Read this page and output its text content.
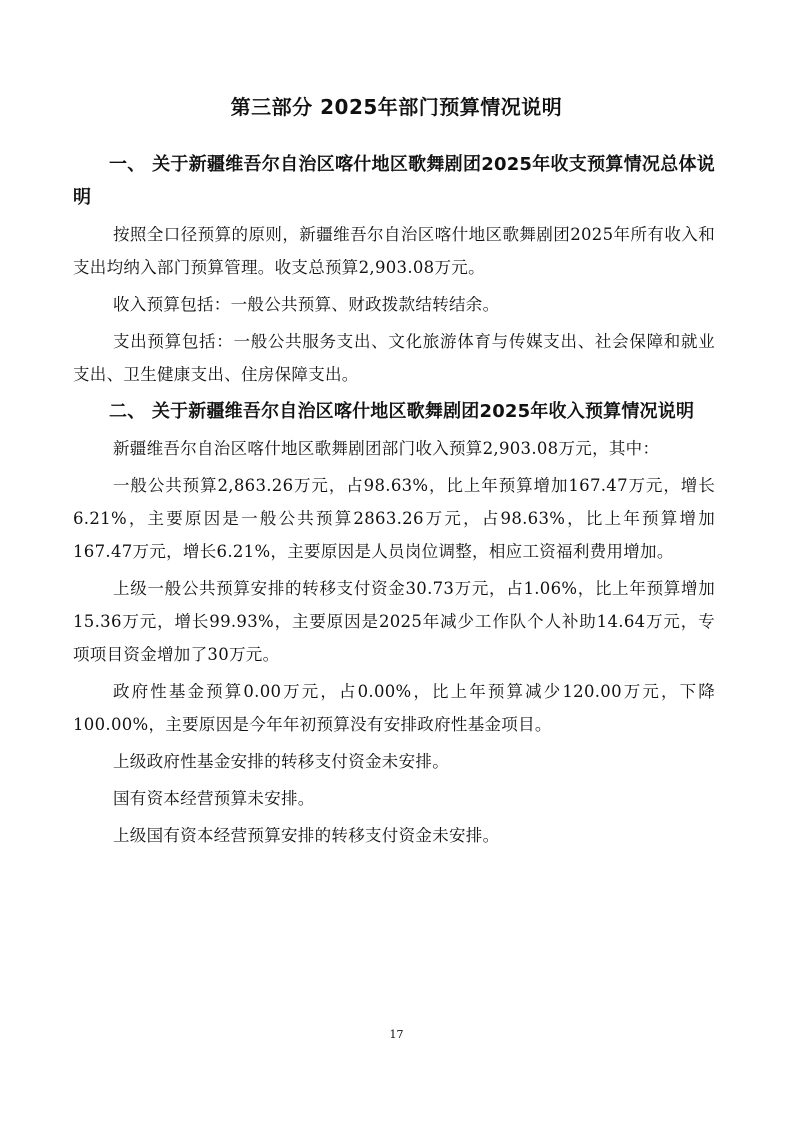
第三部分 2025年部门预算情况说明
一、 关于新疆维吾尔自治区喀什地区歌舞剧团2025年收支预算情况总体说明

按照全口径预算的原则，新疆维吾尔自治区喀什地区歌舞剧团2025年所有收入和支出均纳入部门预算管理。收支总预算2,903.08万元。

收入预算包括：一般公共预算、财政拨款结转结余。

支出预算包括：一般公共服务支出、文化旅游体育与传媒支出、社会保障和就业支出、卫生健康支出、住房保障支出。

二、 关于新疆维吾尔自治区喀什地区歌舞剧团2025年收入预算情况说明

新疆维吾尔自治区喀什地区歌舞剧团部门收入预算2,903.08万元，其中：

一般公共预算2,863.26万元，占98.63%，比上年预算增加167.47万元，增长6.21%，主要原因是一般公共预算2863.26万元，占98.63%，比上年预算增加167.47万元，增长6.21%，主要原因是人员岗位调整，相应工资福利费用增加。

上级一般公共预算安排的转移支付资金30.73万元，占1.06%，比上年预算增加15.36万元，增长99.93%，主要原因是2025年减少工作队个人补助14.64万元，专项项目资金增加了30万元。

政府性基金预算0.00万元，占0.00%，比上年预算减少120.00万元，下降100.00%，主要原因是今年年初预算没有安排政府性基金项目。

上级政府性基金安排的转移支付资金未安排。

国有资本经营预算未安排。

上级国有资本经营预算安排的转移支付资金未安排。

17
